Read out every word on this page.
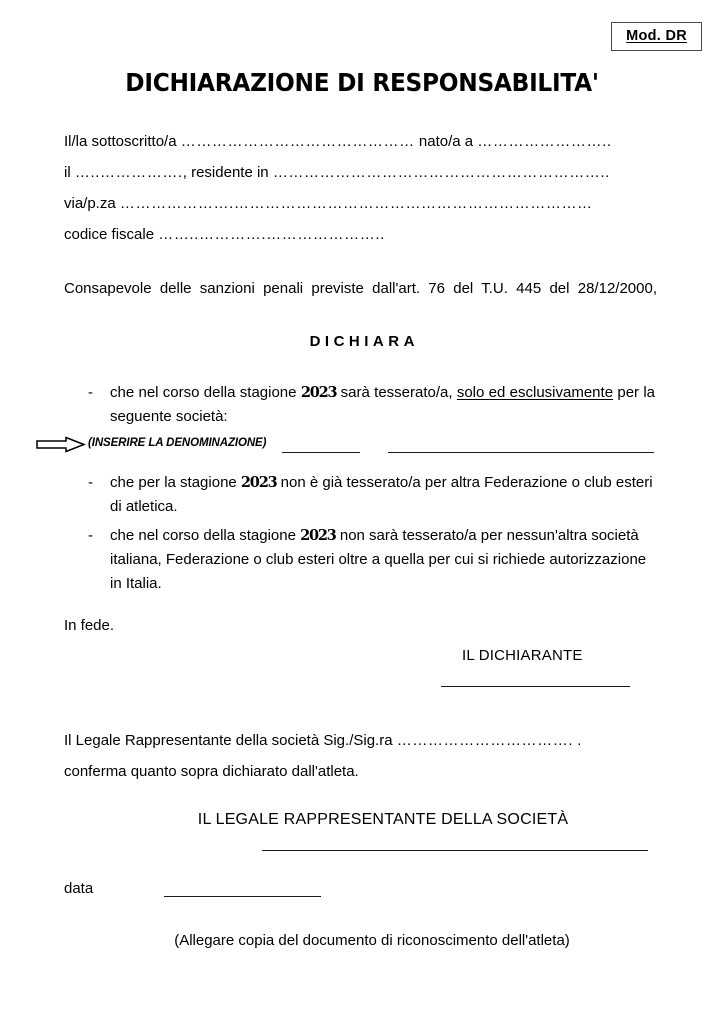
Mod. DR
DICHIARAZIONE DI RESPONSABILITA'
Il/la sottoscritto/a ……………………………………… nato/a a ……………………..
il …..……………., residente in ………………………………………………………..
via/p.za ………………….……………………………………………………………
codice fiscale ……..………….…………………..
Consapevole delle sanzioni penali previste dall'art. 76 del T.U. 445 del 28/12/2000,
DICHIARA
- che nel corso della stagione 2023 sarà tesserato/a, solo ed esclusivamente per la seguente società:
(INSERIRE LA DENOMINAZIONE)
- che per la stagione 2023 non è già tesserato/a per altra Federazione o club esteri di atletica.
- che nel corso della stagione 2023 non sarà tesserato/a per nessun'altra società italiana, Federazione o club esteri oltre a quella per cui si richiede autorizzazione in Italia.
In fede.
IL DICHIARANTE
Il Legale Rappresentante della società Sig./Sig.ra ……………………………. .
conferma quanto sopra dichiarato dall'atleta.
IL LEGALE RAPPRESENTANTE DELLA SOCIETÀ
data
(Allegare copia del documento di riconoscimento dell'atleta)
